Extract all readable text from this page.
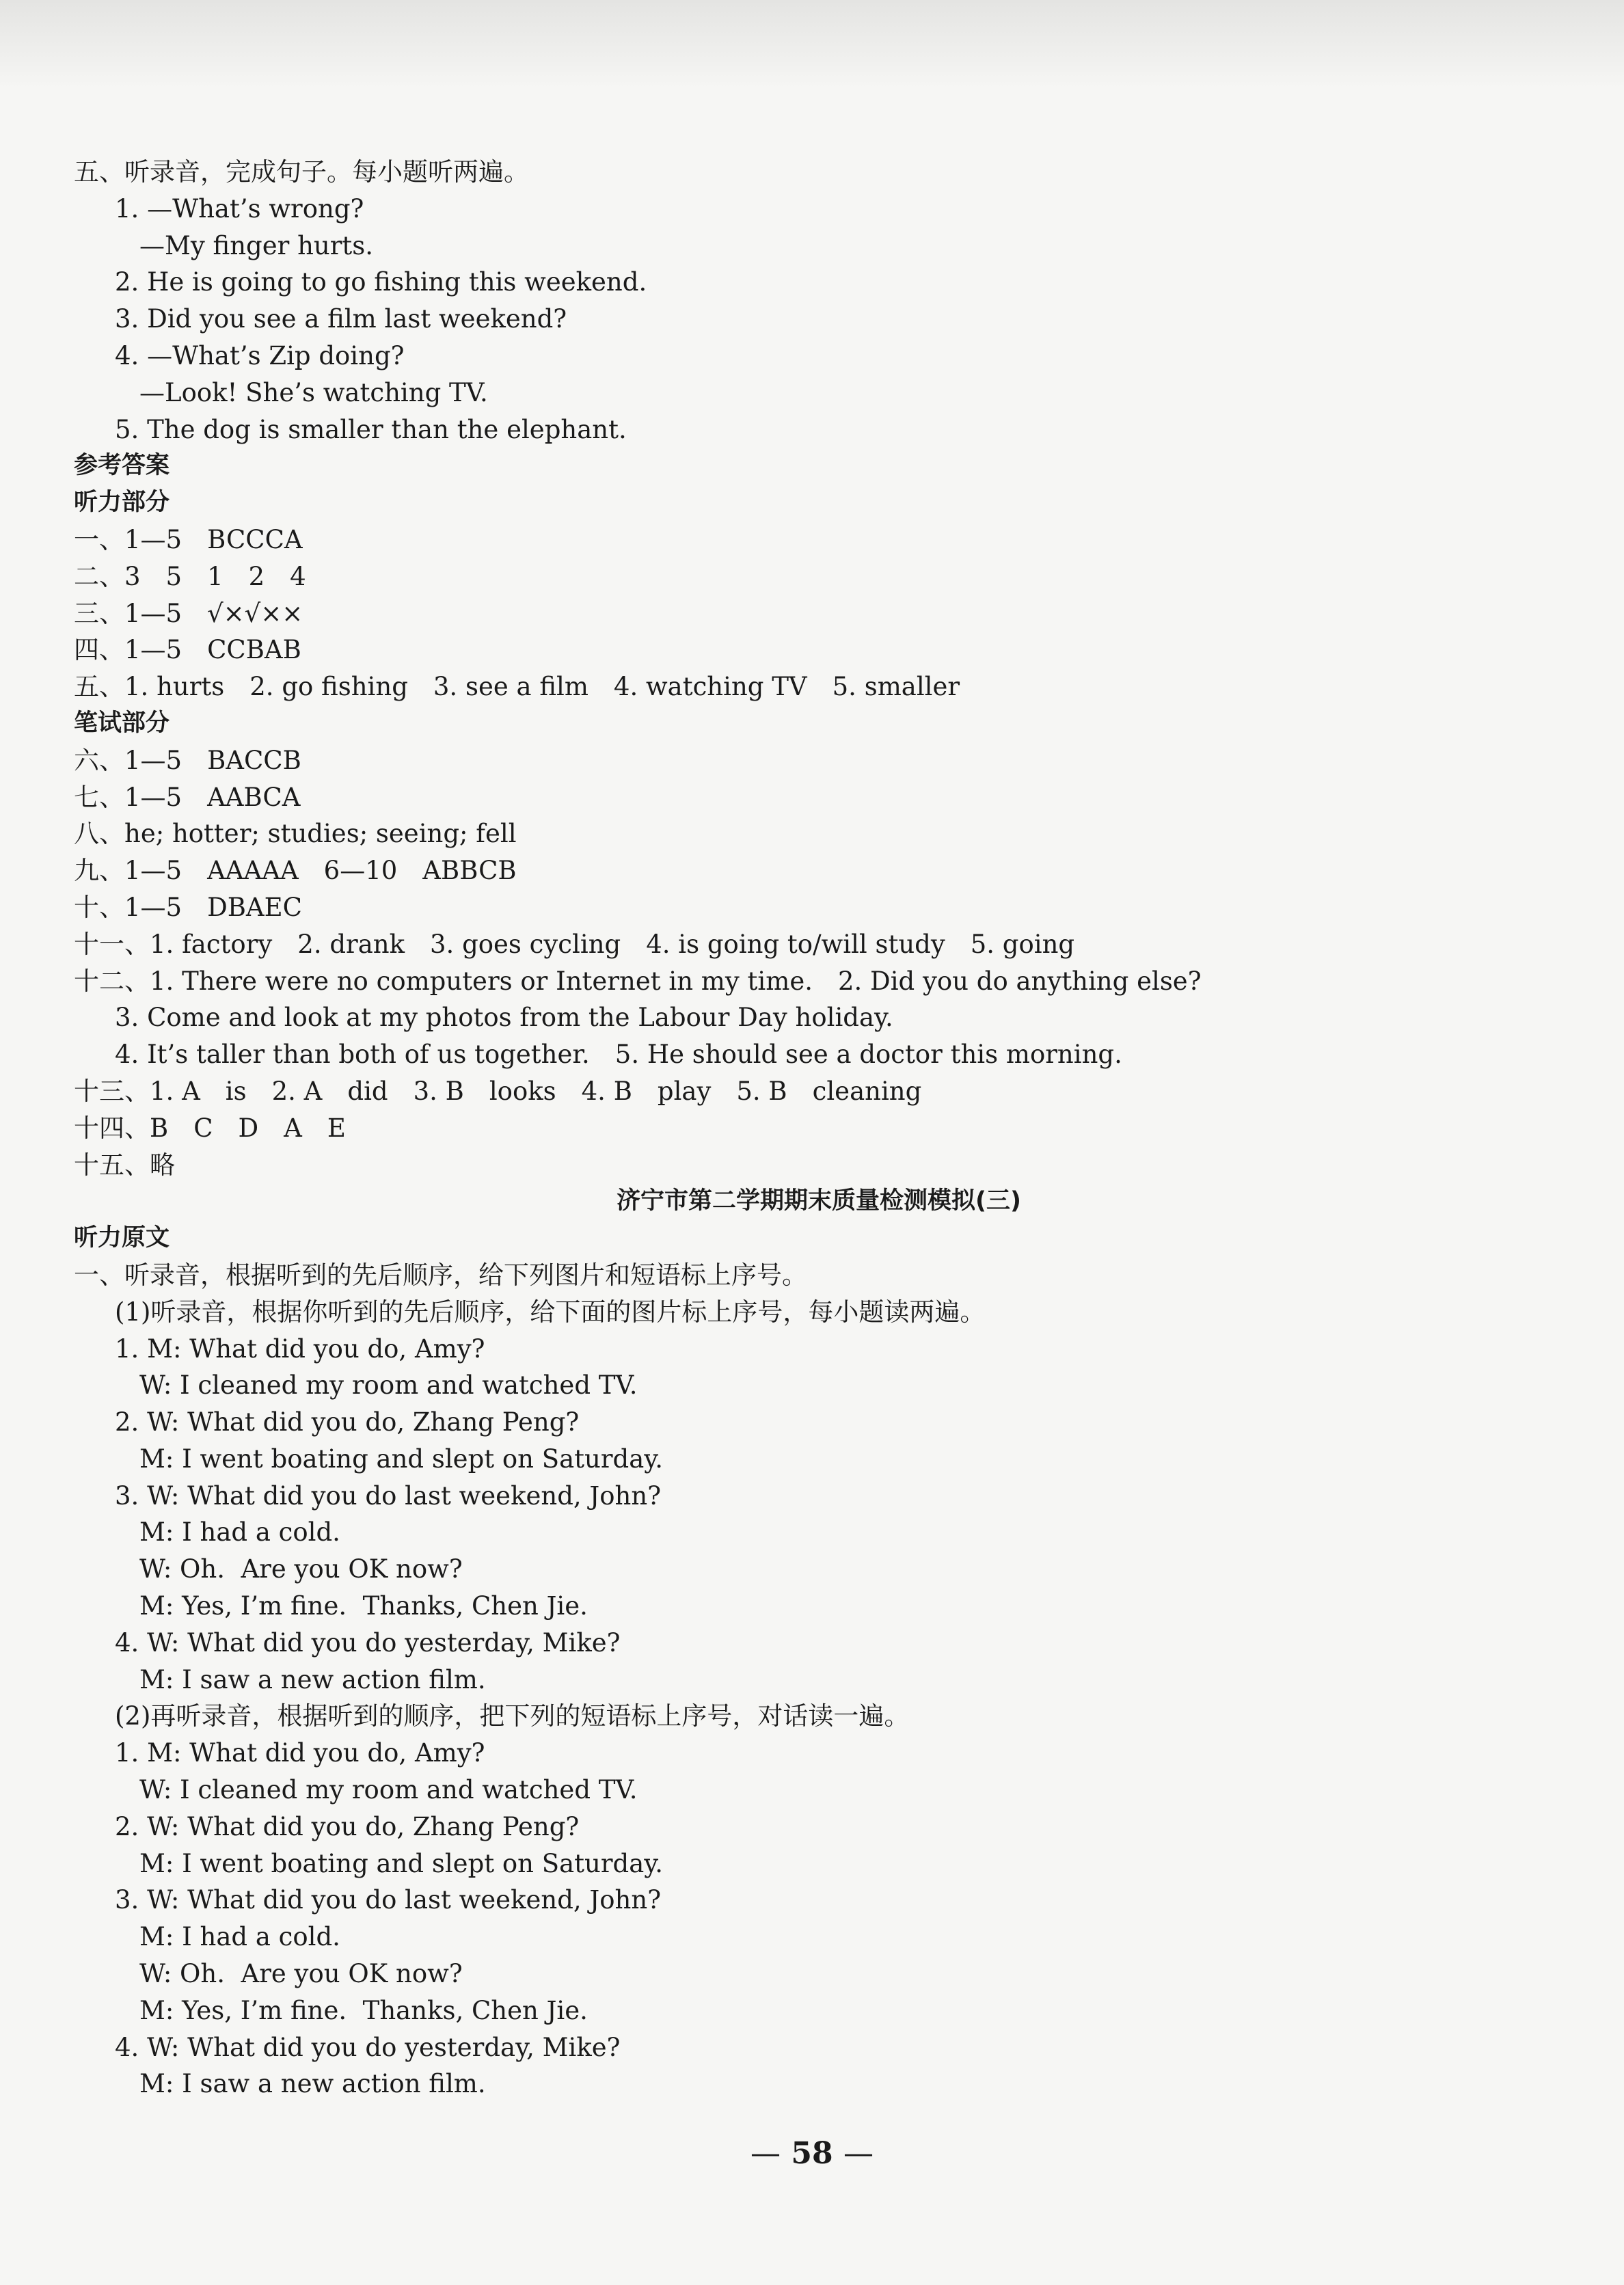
五、听录音，完成句子。每小题听两遍。
1. —What’s wrong?
—My finger hurts.
2. He is going to go fishing this weekend.
3. Did you see a film last weekend?
4. —What’s Zip doing?
—Look! She’s watching TV.
5. The dog is smaller than the elephant.
参考答案
听力部分
一、1—5　BCCCA
二、3　5　1　2　4
三、1—5　√×√××
四、1—5　CCBAB
五、1. hurts　2. go fishing　3. see a film　4. watching TV　5. smaller
笔试部分
六、1—5　BACCB
七、1—5　AABCA
八、he; hotter; studies; seeing; fell
九、1—5　AAAAA　6—10　ABBCB
十、1—5　DBAEC
十一、1. factory　2. drank　3. goes cycling　4. is going to/will study　5. going
十二、1. There were no computers or Internet in my time.　2. Did you do anything else?
3. Come and look at my photos from the Labour Day holiday.
4. It’s taller than both of us together.　5. He should see a doctor this morning.
十三、1. A　is　2. A　did　3. B　looks　4. B　play　5. B　cleaning
十四、B　C　D　A　E
十五、略
济宁市第二学期期末质量检测模拟(三)
听力原文
一、听录音，根据听到的先后顺序，给下列图片和短语标上序号。
(1)听录音，根据你听到的先后顺序，给下面的图片标上序号，每小题读两遍。
1. M: What did you do, Amy?
W: I cleaned my room and watched TV.
2. W: What did you do, Zhang Peng?
M: I went boating and slept on Saturday.
3. W: What did you do last weekend, John?
M: I had a cold.
W: Oh.  Are you OK now?
M: Yes, I’m fine.  Thanks, Chen Jie.
4. W: What did you do yesterday, Mike?
M: I saw a new action film.
(2)再听录音，根据听到的顺序，把下列的短语标上序号，对话读一遍。
1. M: What did you do, Amy?
W: I cleaned my room and watched TV.
2. W: What did you do, Zhang Peng?
M: I went boating and slept on Saturday.
3. W: What did you do last weekend, John?
M: I had a cold.
W: Oh.  Are you OK now?
M: Yes, I’m fine.  Thanks, Chen Jie.
4. W: What did you do yesterday, Mike?
M: I saw a new action film.
— 58 —
